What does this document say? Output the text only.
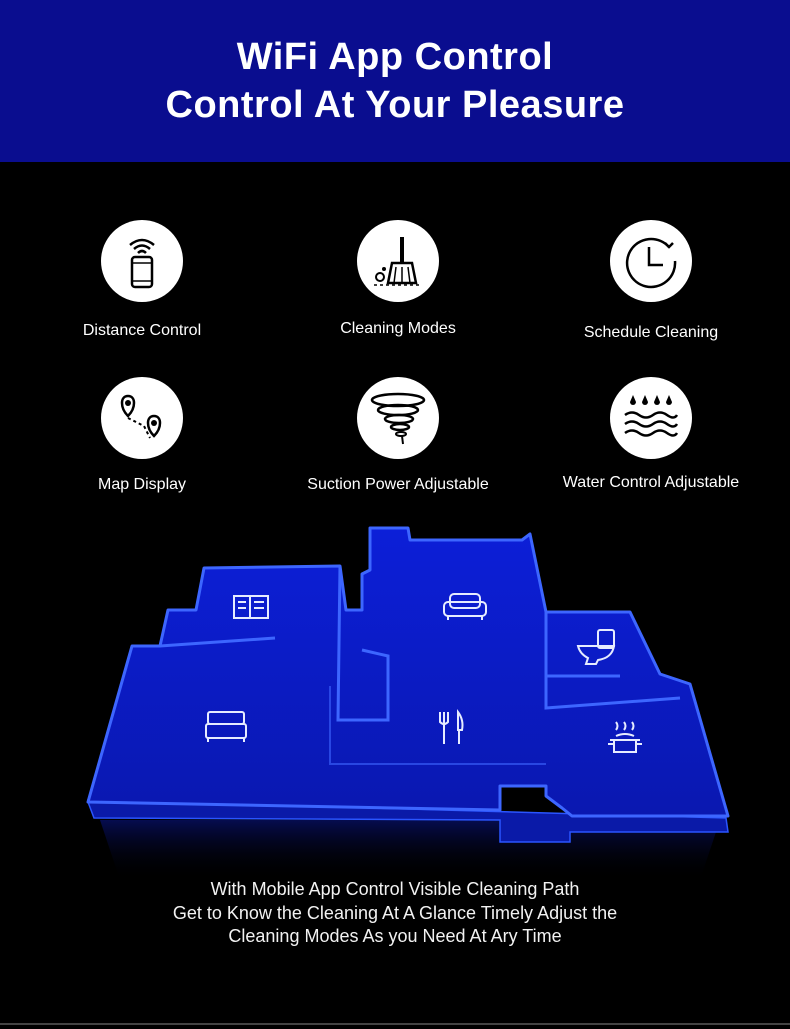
WiFi App Control
Control At Your Pleasure
Distance Control	Cleaning Modes	Schedule Cleaning
Map Display	Suction Power Adjustable	Water Control Adjustable
With Mobile App Control Visible Cleaning Path
Get to Know the Cleaning At A Glance Timely Adjust the
Cleaning Modes As you Need At Ary Time
